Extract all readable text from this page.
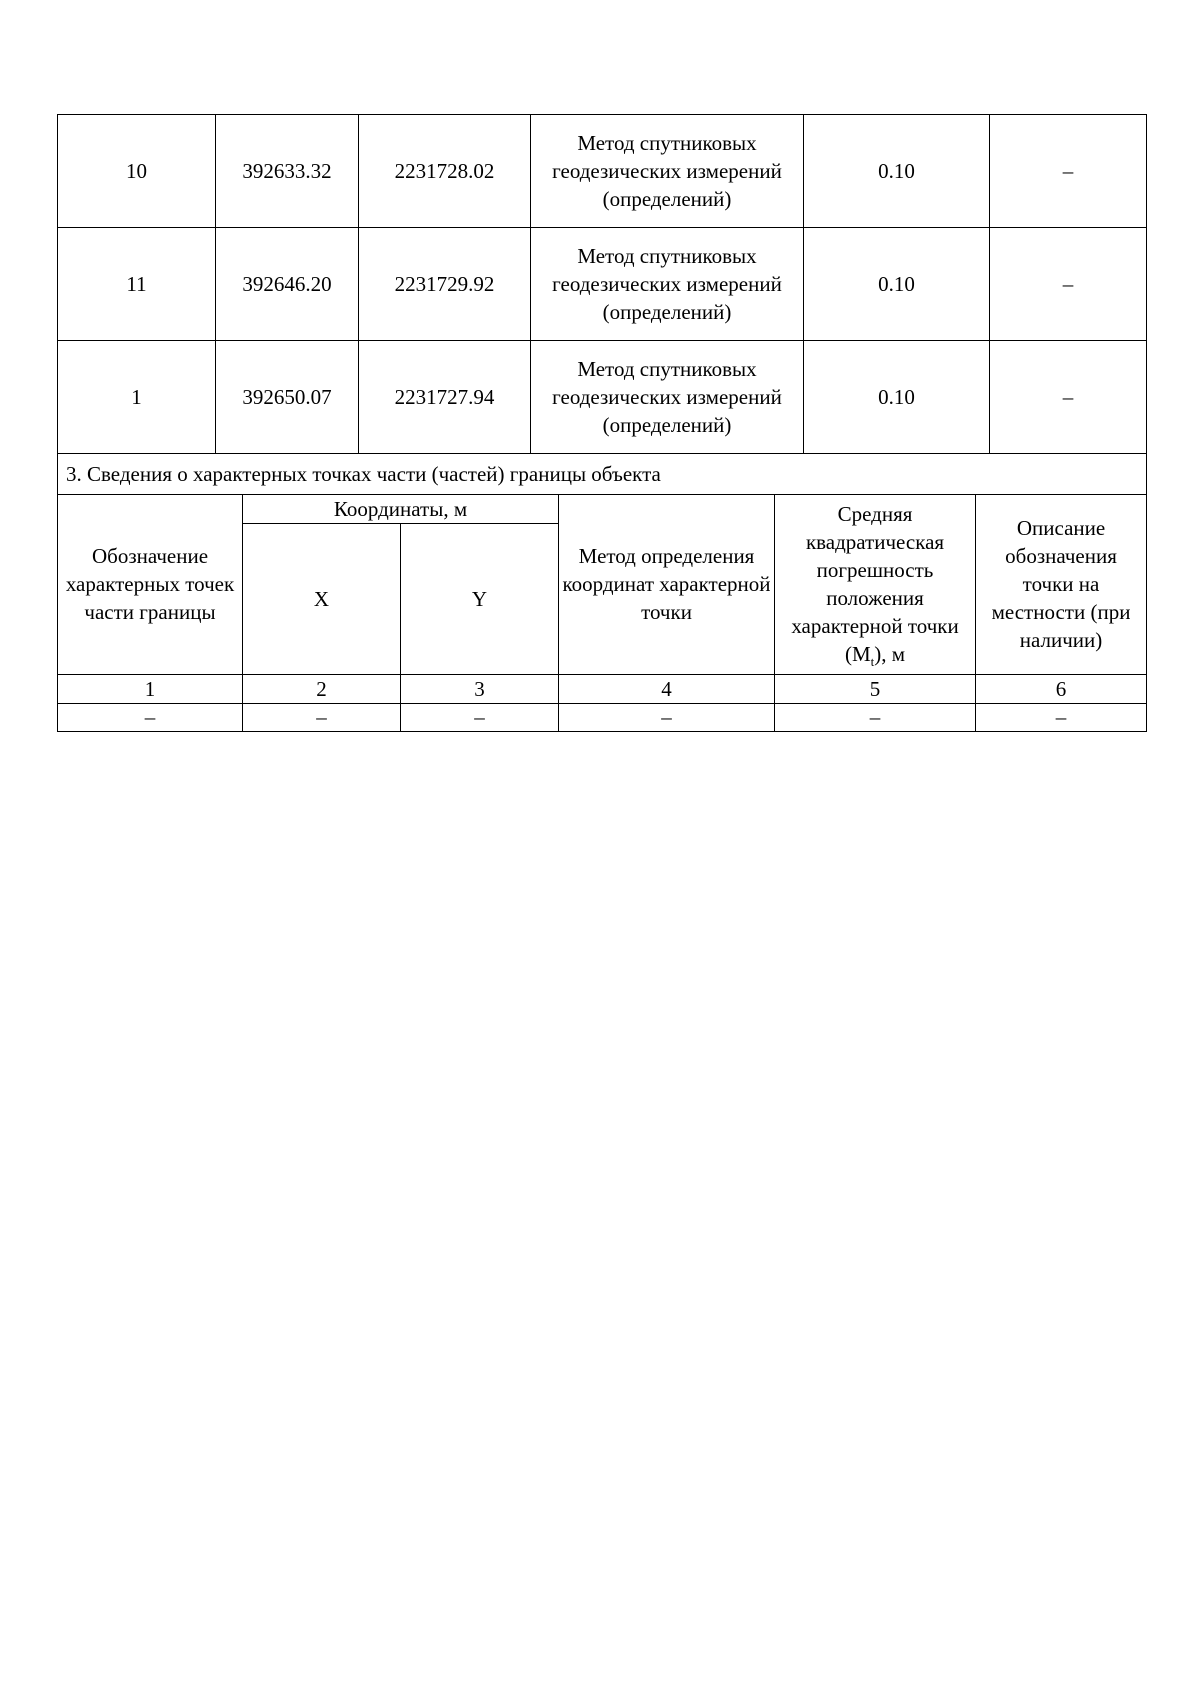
10	392633.32	2231728.02	Метод спутниковых геодезических измерений (определений)	0.10	–
11	392646.20	2231729.92	Метод спутниковых геодезических измерений (определений)	0.10	–
1	392650.07	2231727.94	Метод спутниковых геодезических измерений (определений)	0.10	–
3. Сведения о характерных точках части (частей) границы объекта					
Обозначение характерных точек части границы	Координаты, м		Метод определения координат характерной точки	Средняя квадратическая погрешность положения характерной точки $(M_t)$, м	Описание обозначения точки на местности (при наличии)
	X	Y			
1	2	3	4	5	6
–	–	–	–	–	–
